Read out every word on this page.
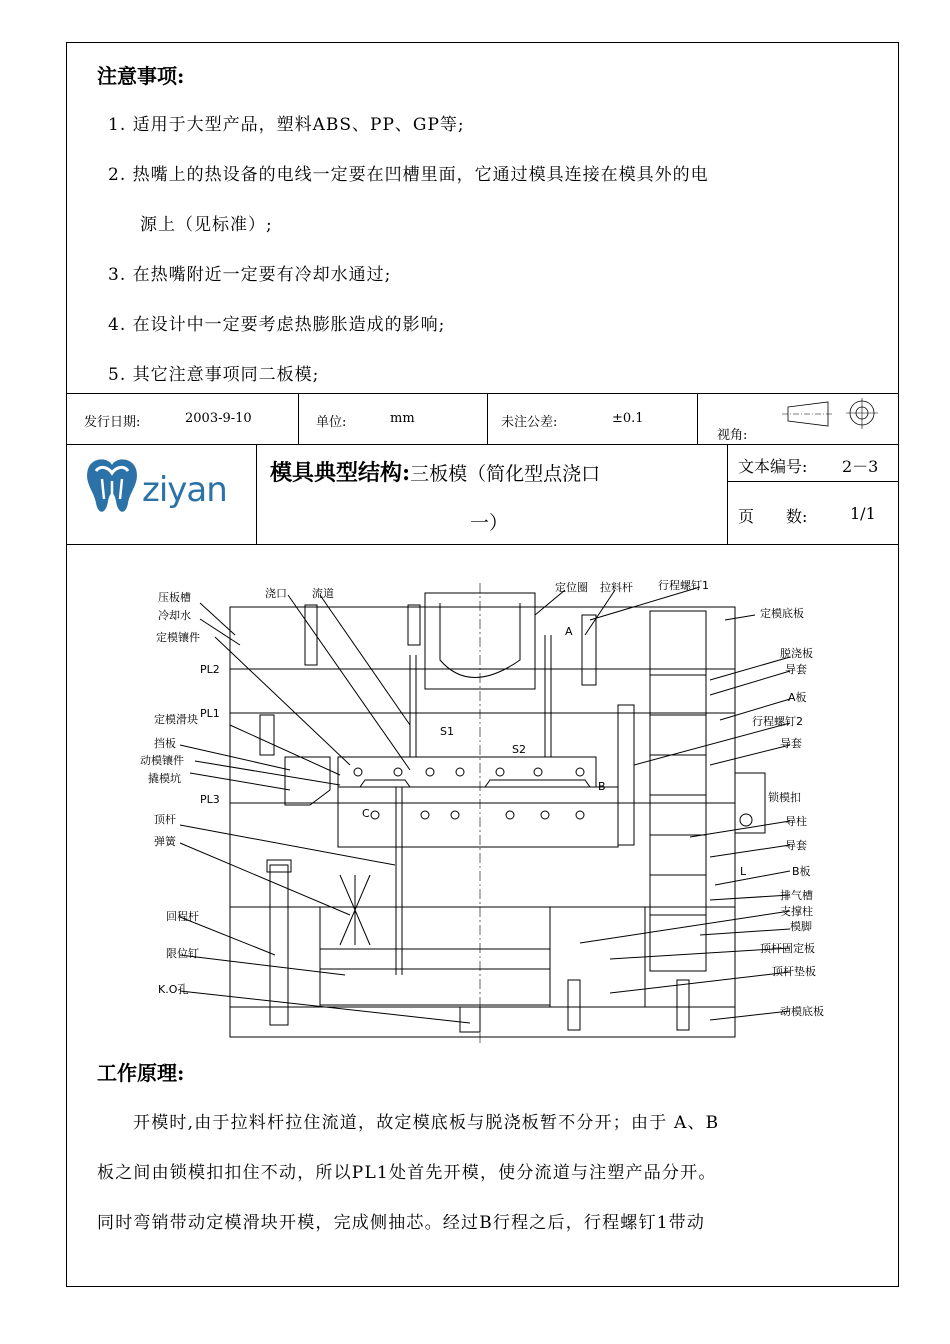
注意事项:
1. 适用于大型产品，塑料ABS、PP、GP等;
2. 热嘴上的热设备的电线一定要在凹槽里面，它通过模具连接在模具外的电
源上（见标准）;
3. 在热嘴附近一定要有冷却水通过;
4. 在设计中一定要考虑热膨胀造成的影响;
5. 其它注意事项同二板模;
发行日期:	2003-9-10	单位:	mm	未注公差:	±0.1
视角:
ziyan 模具典型结构:三板模（简化型点浇口
一）
文本编号: 2－3
页　　数:	1/1
压板槽
冷却水
定模镶件
PL2
PL1
定模滑块
挡板
动模镶件
撬模坑
PL3
顶杆
弹簧
回程杆
限位钉
K.O孔
浇口 流道	定位圈 拉料杆 行程螺钉1
定模底板
脱浇板
导套
A板
行程螺钉2
导套
锁模扣
导柱
导套
B板
排气槽
支撑柱
模脚
顶杆固定板
顶杆垫板
动模底板
S1
S2
B
C
L
A
工作原理:
开模时,由于拉料杆拉住流道，故定模底板与脱浇板暂不分开；由于 A、B
板之间由锁模扣扣住不动，所以PL1处首先开模，使分流道与注塑产品分开。
同时弯销带动定模滑块开模，完成侧抽芯。经过B行程之后，行程螺钉1带动
